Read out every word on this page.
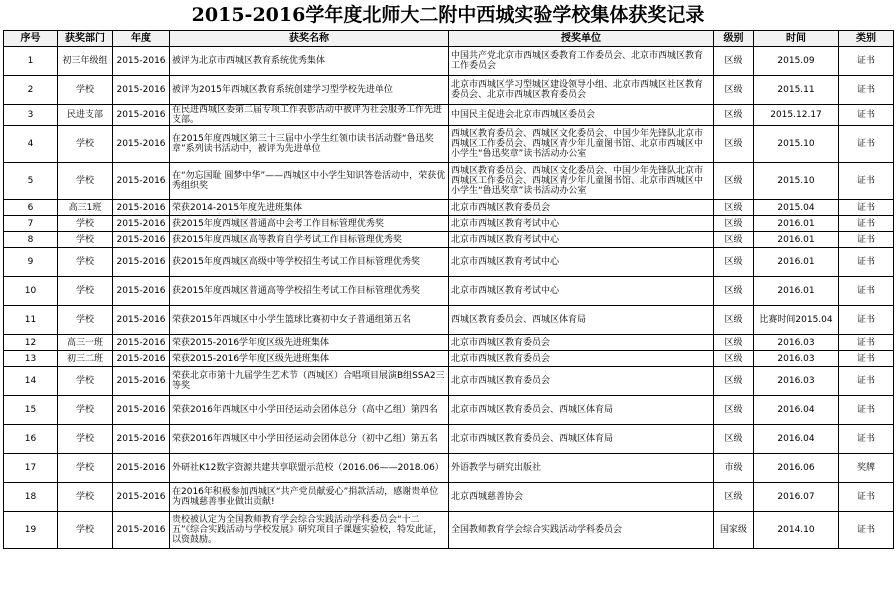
2015-2016学年度北师大二附中西城实验学校集体获奖记录
序号	获奖部门	年度	获奖名称	授奖单位	级别	时间	类别
1	初三年级组	2015-2016	被评为北京市西城区教育系统优秀集体	中国共产党北京市西城区委教育工作委员会、北京市西城区教育工作委员会	区级	2015.09	证书
2	学校	2015-2016	被评为2015年西城区教育系统创建学习型学校先进单位	北京市西城区学习型城区建设领导小组、北京市西城区社区教育委员会、北京市西城区教育委员会	区级	2015.11	证书
3	民进支部	2015-2016	在民进西城区委第二届专项工作表彰活动中被评为社会服务工作先进支部。	中国民主促进会北京市西城区委员会	区级	2015.12.17	证书
4	学校	2015-2016	在2015年度西城区第三十三届中小学生红领巾读书活动暨“鲁迅奖章”系列读书活动中，被评为先进单位	西城区教育委员会、西城区文化委员会、中国少年先锋队北京市西城区工作委员会、西城区青少年儿童图书馆、北京市西城区中小学生“鲁迅奖章”读书活动办公室	区级	2015.10	证书
5	学校	2015-2016	在“勿忘国耻 圆梦中华”——西城区中小学生知识答卷活动中，荣获优秀组织奖	西城区教育委员会、西城区文化委员会、中国少年先锋队北京市西城区工作委员会、西城区青少年儿童图书馆、北京市西城区中小学生“鲁迅奖章”读书活动办公室	区级	2015.10	证书
6	高三1班	2015-2016	荣获2014-2015年度先进班集体	北京市西城区教育委员会	区级	2015.04	证书
7	学校	2015-2016	获2015年度西城区普通高中会考工作目标管理优秀奖	北京市西城区教育考试中心	区级	2016.01	证书
8	学校	2015-2016	获2015年度西城区高等教育自学考试工作目标管理优秀奖	北京市西城区教育考试中心	区级	2016.01	证书
9	学校	2015-2016	获2015年度西城区高级中等学校招生考试工作目标管理优秀奖	北京市西城区教育考试中心	区级	2016.01	证书
10	学校	2015-2016	获2015年度西城区普通高等学校招生考试工作目标管理优秀奖	北京市西城区教育考试中心	区级	2016.01	证书
11	学校	2015-2016	荣获2015年西城区中小学生篮球比赛初中女子普通组第五名	西城区教育委员会、西城区体育局	区级	比赛时间2015.04	证书
12	高三一班	2015-2016	荣获2015-2016学年度区级先进班集体	北京市西城区教育委员会	区级	2016.03	证书
13	初三二班	2015-2016	荣获2015-2016学年度区级先进班集体	北京市西城区教育委员会	区级	2016.03	证书
14	学校	2015-2016	荣获北京市第十九届学生艺术节（西城区）合唱项目展演B组SSA2三等奖	北京市西城区教育委员会	区级	2016.03	证书
15	学校	2015-2016	荣获2016年西城区中小学田径运动会团体总分（高中乙组）第四名	北京市西城区教育委员会、西城区体育局	区级	2016.04	证书
16	学校	2015-2016	荣获2016年西城区中小学田径运动会团体总分（初中乙组）第五名	北京市西城区教育委员会、西城区体育局	区级	2016.04	证书
17	学校	2015-2016	外研社K12数字资源共建共享联盟示范校（2016.06——2018.06）	外语教学与研究出版社	市级	2016.06	奖牌
18	学校	2015-2016	在2016年积极参加西城区“共产党员献爱心”捐款活动，感谢贵单位为西城慈善事业做出贡献!	北京西城慈善协会	区级	2016.07	证书
19	学校	2015-2016	贵校被认定为全国教师教育学会综合实践活动学科委员会“十二五”《综合实践活动与学校发展》研究项目子课题实验校，特发此证，以资鼓励。	全国教师教育学会综合实践活动学科委员会	国家级	2014.10	证书
